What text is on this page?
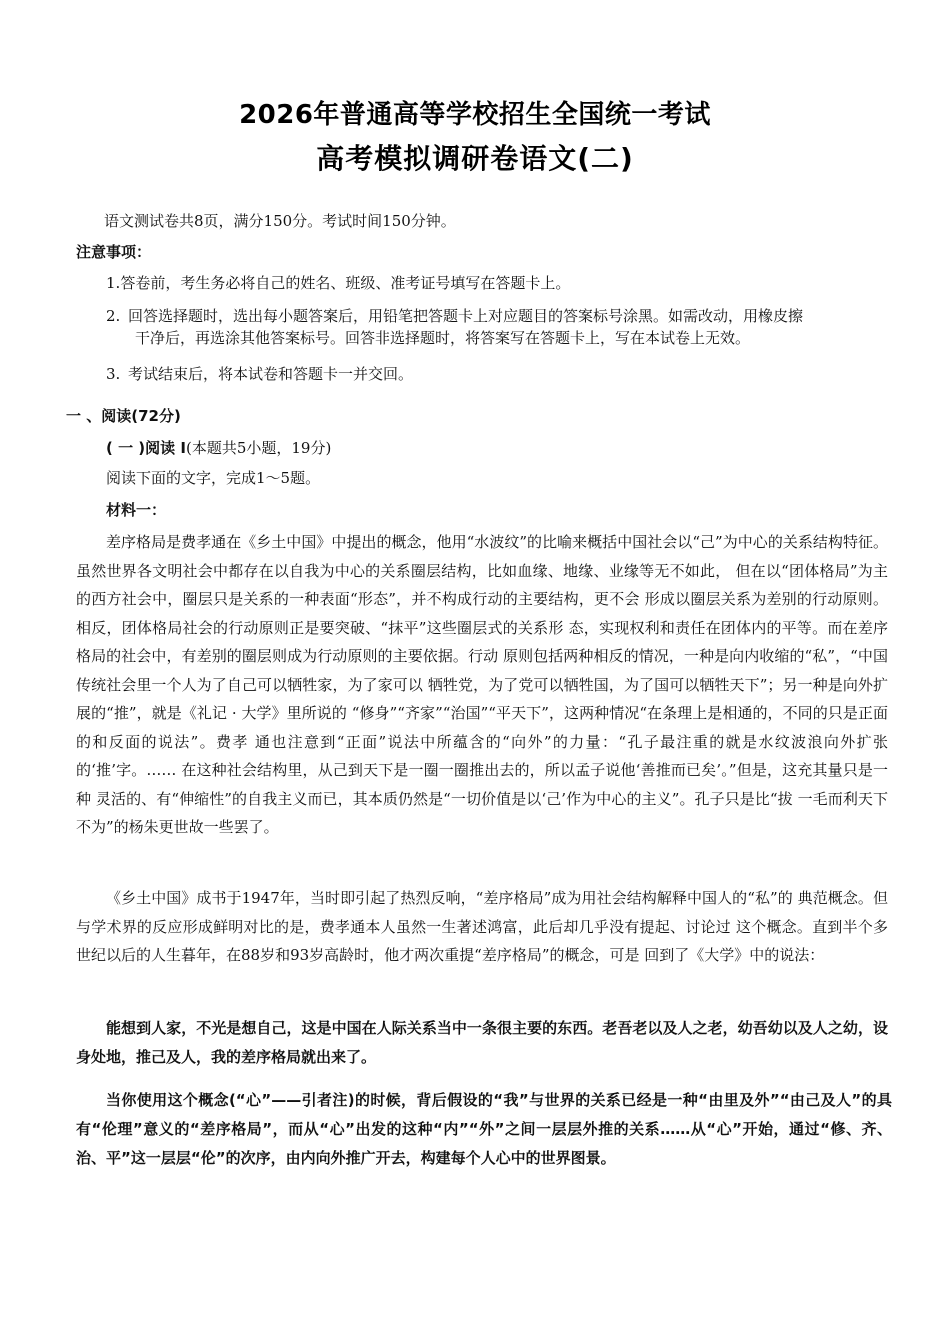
2026年普通高等学校招生全国统一考试
高考模拟调研卷语文(二)
语文测试卷共8页，满分150分。考试时间150分钟。
注意事项：
1.答卷前，考生务必将自己的姓名、班级、准考证号填写在答题卡上。
2. 回答选择题时，选出每小题答案后，用铅笔把答题卡上对应题目的答案标号涂黑。如需改动，用橡皮擦
干净后，再选涂其他答案标号。回答非选择题时，将答案写在答题卡上，写在本试卷上无效。
3. 考试结束后，将本试卷和答题卡一并交回。
一 、阅读(72分)
( 一 )阅读 Ⅰ(本题共5小题，19分)
阅读下面的文字，完成1～5题。
材料一：

差序格局是费孝通在《乡土中国》中提出的概念，他用“水波纹”的比喻来概括中国社会以“己”为中心的关系结构特征。虽然世界各文明社会中都存在以自我为中心的关系圈层结构，比如血缘、地缘、业缘等无不如此， 但在以“团体格局”为主的西方社会中，圈层只是关系的一种表面“形态”，并不构成行动的主要结构，更不会 形成以圈层关系为差别的行动原则。相反，团体格局社会的行动原则正是要突破、“抹平”这些圈层式的关系形 态，实现权利和责任在团体内的平等。而在差序格局的社会中，有差别的圈层则成为行动原则的主要依据。行动 原则包括两种相反的情况，一种是向内收缩的“私”，“中国传统社会里一个人为了自己可以牺牲家，为了家可以 牺牲党，为了党可以牺牲国，为了国可以牺牲天下”；另一种是向外扩展的“推”，就是《礼记 · 大学》里所说的 “修身”“齐家”“治国”“平天下”，这两种情况“在条理上是相通的，不同的只是正面的和反面的说法”。费孝 通也注意到“正面”说法中所蕴含的“向外”的力量：“孔子最注重的就是水纹波浪向外扩张的‘推’字。…… 在这种社会结构里，从己到天下是一圈一圈推出去的，所以孟子说他‘善推而已矣’。”但是，这充其量只是一种 灵活的、有“伸缩性”的自我主义而已，其本质仍然是“一切价值是以‘己’作为中心的主义”。孔子只是比“拔 一毛而利天下不为”的杨朱更世故一些罢了。

《乡土中国》成书于1947年，当时即引起了热烈反响，“差序格局”成为用社会结构解释中国人的“私”的 典范概念。但与学术界的反应形成鲜明对比的是，费孝通本人虽然一生著述鸿富，此后却几乎没有提起、讨论过 这个概念。直到半个多世纪以后的人生暮年，在88岁和93岁高龄时，他才两次重提“差序格局”的概念，可是 回到了《大学》中的说法：

能想到人家，不光是想自己，这是中国在人际关系当中一条很主要的东西。老吾老以及人之老，幼吾幼以及人之幼，设身处地，推己及人，我的差序格局就出来了。

当你使用这个概念(“心”——引者注)的时候，背后假设的“我”与世界的关系已经是一种“由里及外”“由己及人”的具有“伦理”意义的“差序格局”，而从“心”出发的这种“内”“外”之间一层层外推的关系……从“心”开始，通过“修、齐、治、平”这一层层“伦”的次序，由内向外推广开去，构建每个人心中的世界图景。
